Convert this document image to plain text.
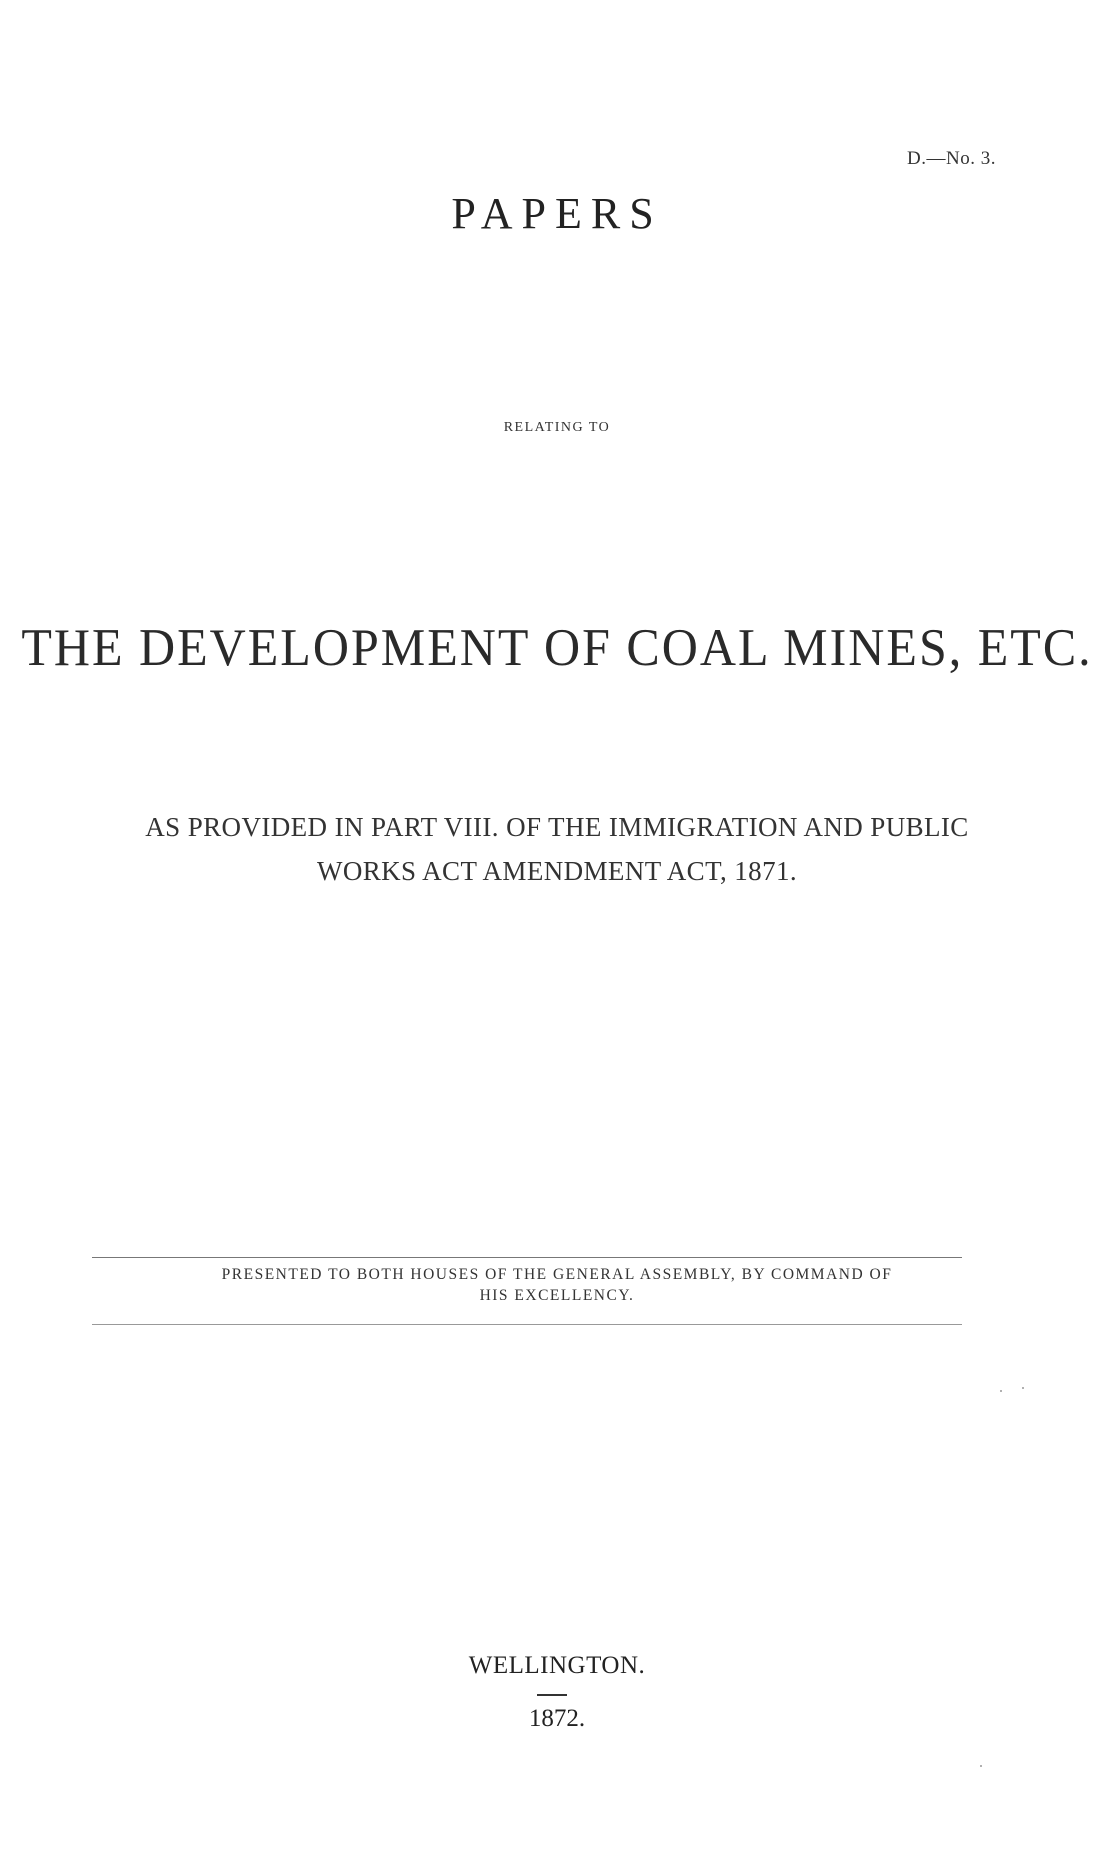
D.—No. 3.
PAPERS
RELATING TO
THE DEVELOPMENT OF COAL MINES, ETC.
AS PROVIDED IN PART VIII. OF THE IMMIGRATION AND PUBLIC
WORKS ACT AMENDMENT ACT, 1871.
PRESENTED TO BOTH HOUSES OF THE GENERAL ASSEMBLY, BY COMMAND OF
HIS EXCELLENCY.
WELLINGTON.
1872.
